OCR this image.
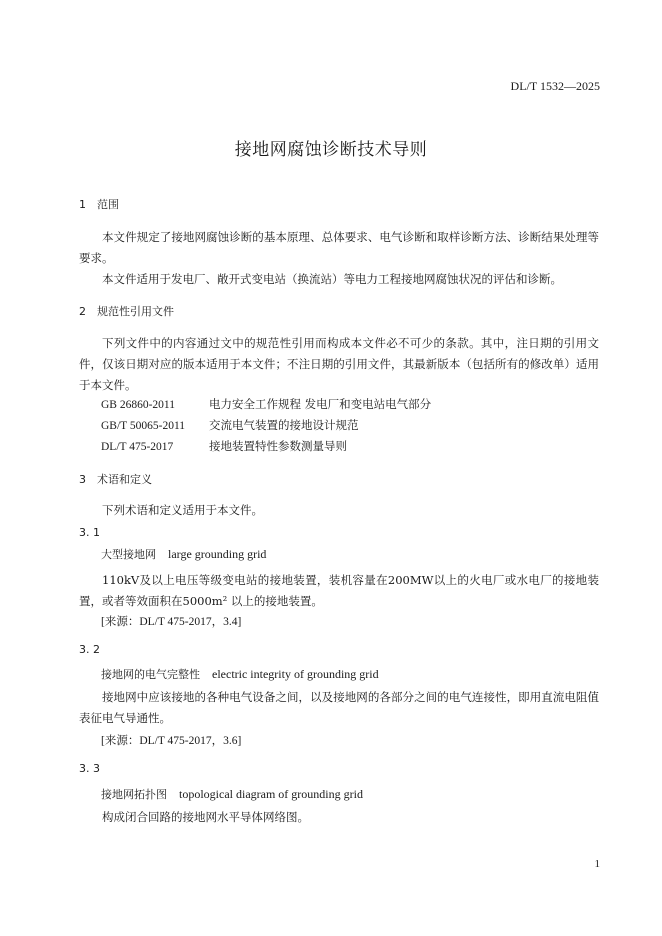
DL/T 1532—2025
接地网腐蚀诊断技术导则
1 范围

本文件规定了接地网腐蚀诊断的基本原理、总体要求、电气诊断和取样诊断方法、诊断结果处理等要求。

本文件适用于发电厂、敞开式变电站（换流站）等电力工程接地网腐蚀状况的评估和诊断。

2 规范性引用文件

下列文件中的内容通过文中的规范性引用而构成本文件必不可少的条款。其中，注日期的引用文件，仅该日期对应的版本适用于本文件；不注日期的引用文件，其最新版本（包括所有的修改单）适用于本文件。

GB 26860-2011	电力安全工作规程 发电厂和变电站电气部分
GB/T 50065-2011 交流电气装置的接地设计规范
DL/T 475-2017	接地装置特性参数测量导则
3 术语和定义

下列术语和定义适用于本文件。

3. 1
大型接地网 large grounding grid

110kV及以上电压等级变电站的接地装置，装机容量在200MW以上的火电厂或水电厂的接地装置，或者等效面积在5000m² 以上的接地装置。

[来源：DL/T 475-2017，3.4]
3. 2
接地网的电气完整性 electric integrity of grounding grid

接地网中应该接地的各种电气设备之间，以及接地网的各部分之间的电气连接性，即用直流电阻值表征电气导通性。

[来源：DL/T 475-2017，3.6]
3. 3
接地网拓扑图 topological diagram of grounding grid

构成闭合回路的接地网水平导体网络图。

1
